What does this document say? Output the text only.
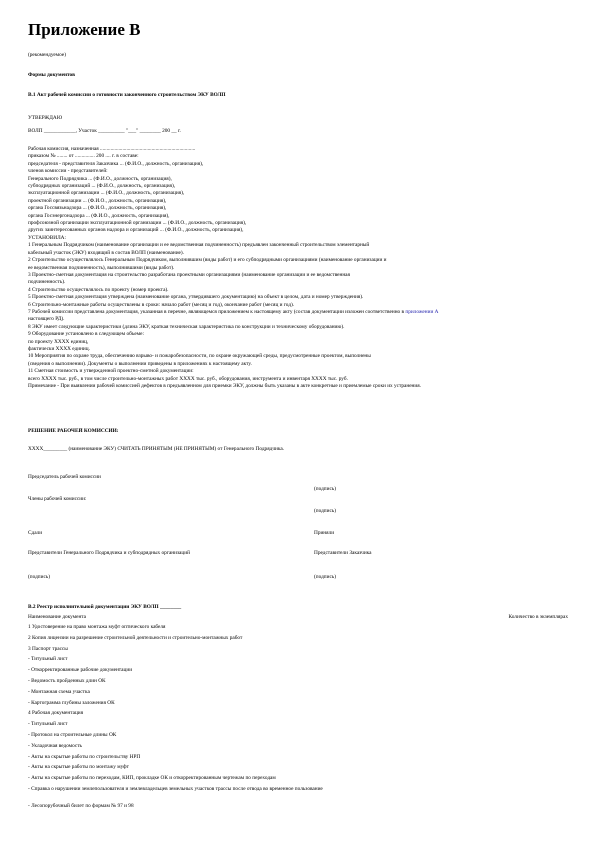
Приложение В
(рекомендуемое)
Формы документов
В.1 Акт рабочей комиссии о готовности законченного строительством ЭКУ ВОЛП
УТВЕРЖДАЮ
ВОЛП ____________, Участок __________ "___" ________ 200 __ г.
Рабочая комиссия, назначенная ........................................................................
приказом № ........ от ............... 200 .... г. в составе:
председателя - представителя Заказчика ... (Ф.И.О., должность, организация),
членов комиссии - представителей:
Генерального Подрядчика ... (Ф.И.О., должность, организация),
субподрядных организаций ... (Ф.И.О., должность, организация),
эксплуатационной организации ... (Ф.И.О., должность, организация),
проектной организации ... (Ф.И.О., должность, организация),
органа Госсвязьнадзора ... (Ф.И.О., должность, организация),
органа Госэнергонадзора ... (Ф.И.О., должность, организация),
профсоюзной организации эксплуатационной организации ... (Ф.И.О., должность, организация),
других заинтересованных органов надзора и организаций ... (Ф.И.О., должность, организация),
УСТАНОВИЛА:
1 Генеральным Подрядчиком (наименование организации и ее ведомственная подчиненность) предъявлен законченный строительством элементарный
кабельный участок (ЭКУ) входящий в состав ВОЛП (наименование).
2 Строительство осуществлялось Генеральным Подрядчиком, выполнившим (виды работ) и его субподрядными организациями (наименование организации и
ее ведомственная подчиненность), выполнившими (виды работ).
3 Проектно-сметная документация на строительство разработана проектными организациями (наименование организации и ее ведомственная
подчиненность).
4 Строительство осуществлялось по проекту (номер проекта).
5 Проектно-сметная документация утверждена (наименование органа, утвердившего документацию) на объект в целом, дата и номер утверждения).
6 Строительно-монтажные работы осуществлены в сроки: начало работ (месяц и год), окончание работ (месяц и год).
7 Рабочей комиссии представлена документация, указанная в перечне, являющемся приложением к настоящему акту (состав документации изложен соответственно в приложении А
настоящего РД).
8 ЭКУ имеет следующие характеристики (длина ЭКУ, краткая техническая характеристика по конструкции и техническому оборудованию).
9 Оборудование установлено в следующем объеме:
по проекту ХХХХ единиц,
фактически ХХХХ единиц.
10 Мероприятия по охране труда, обеспечению взрыво- и пожаробезопасности, по охране окружающей среды, предусмотренные проектом, выполнены
(сведения о выполнении). Документы о выполнении приведены в приложениях к настоящему акту.
11 Сметная стоимость и утвержденной проектно-сметной документации:
всего ХХХХ тыс. руб., в том числе строительно-монтажных работ ХХХХ тыс. руб., оборудования, инструмента и инвентаря ХХХХ тыс. руб.
Примечание - При выявлении рабочей комиссией дефектов в предъявленном для приемки ЭКУ, должны быть указаны в акте конкретные и приемлемые сроки их устранения.
РЕШЕНИЕ РАБОЧЕЙ КОМИССИИ:
ХХХХ_________ (наименование ЭКУ) СЧИТАТЬ ПРИНЯТЫМ (НЕ ПРИНЯТЫМ) от Генерального Подрядчика.
Председатель рабочей комиссии
(подпись)
Члены рабочей комиссии:
(подпись)
Сдали	Приняли
Представители Генерального Подрядчика и субподрядных организаций	Представители Заказчика
(подпись)	(подпись)
В.2 Реестр исполнительной документации ЭКУ ВОЛП ________
Наименование документа	Количество в экземплярах
1 Удостоверение на право монтажа муфт оптического кабеля
2 Копия лицензии на разрешение строительной деятельности и строительно-монтажных работ
3 Паспорт трассы
- Титульный лист
- Откорректированные рабочие документации
- Ведомость пройденных длин ОК
- Монтажная схема участка
- Картограмма глубины заложения ОК
4 Рабочая документация
- Титульный лист
- Протокол на строительные длины ОК
- Укладочная ведомость
- Акты на скрытые работы по строительству НРП
- Акты на скрытые работы по монтажу муфт
- Акты на скрытые работы по переходам, КИП, прокладке ОК и откорректированным чертежам по переходам
- Справка о нарушении землепользователя и землевладельцев земельных участков трассы после отвода во временное пользование
- Лесопорубочный билет по формам № 97 и 98
